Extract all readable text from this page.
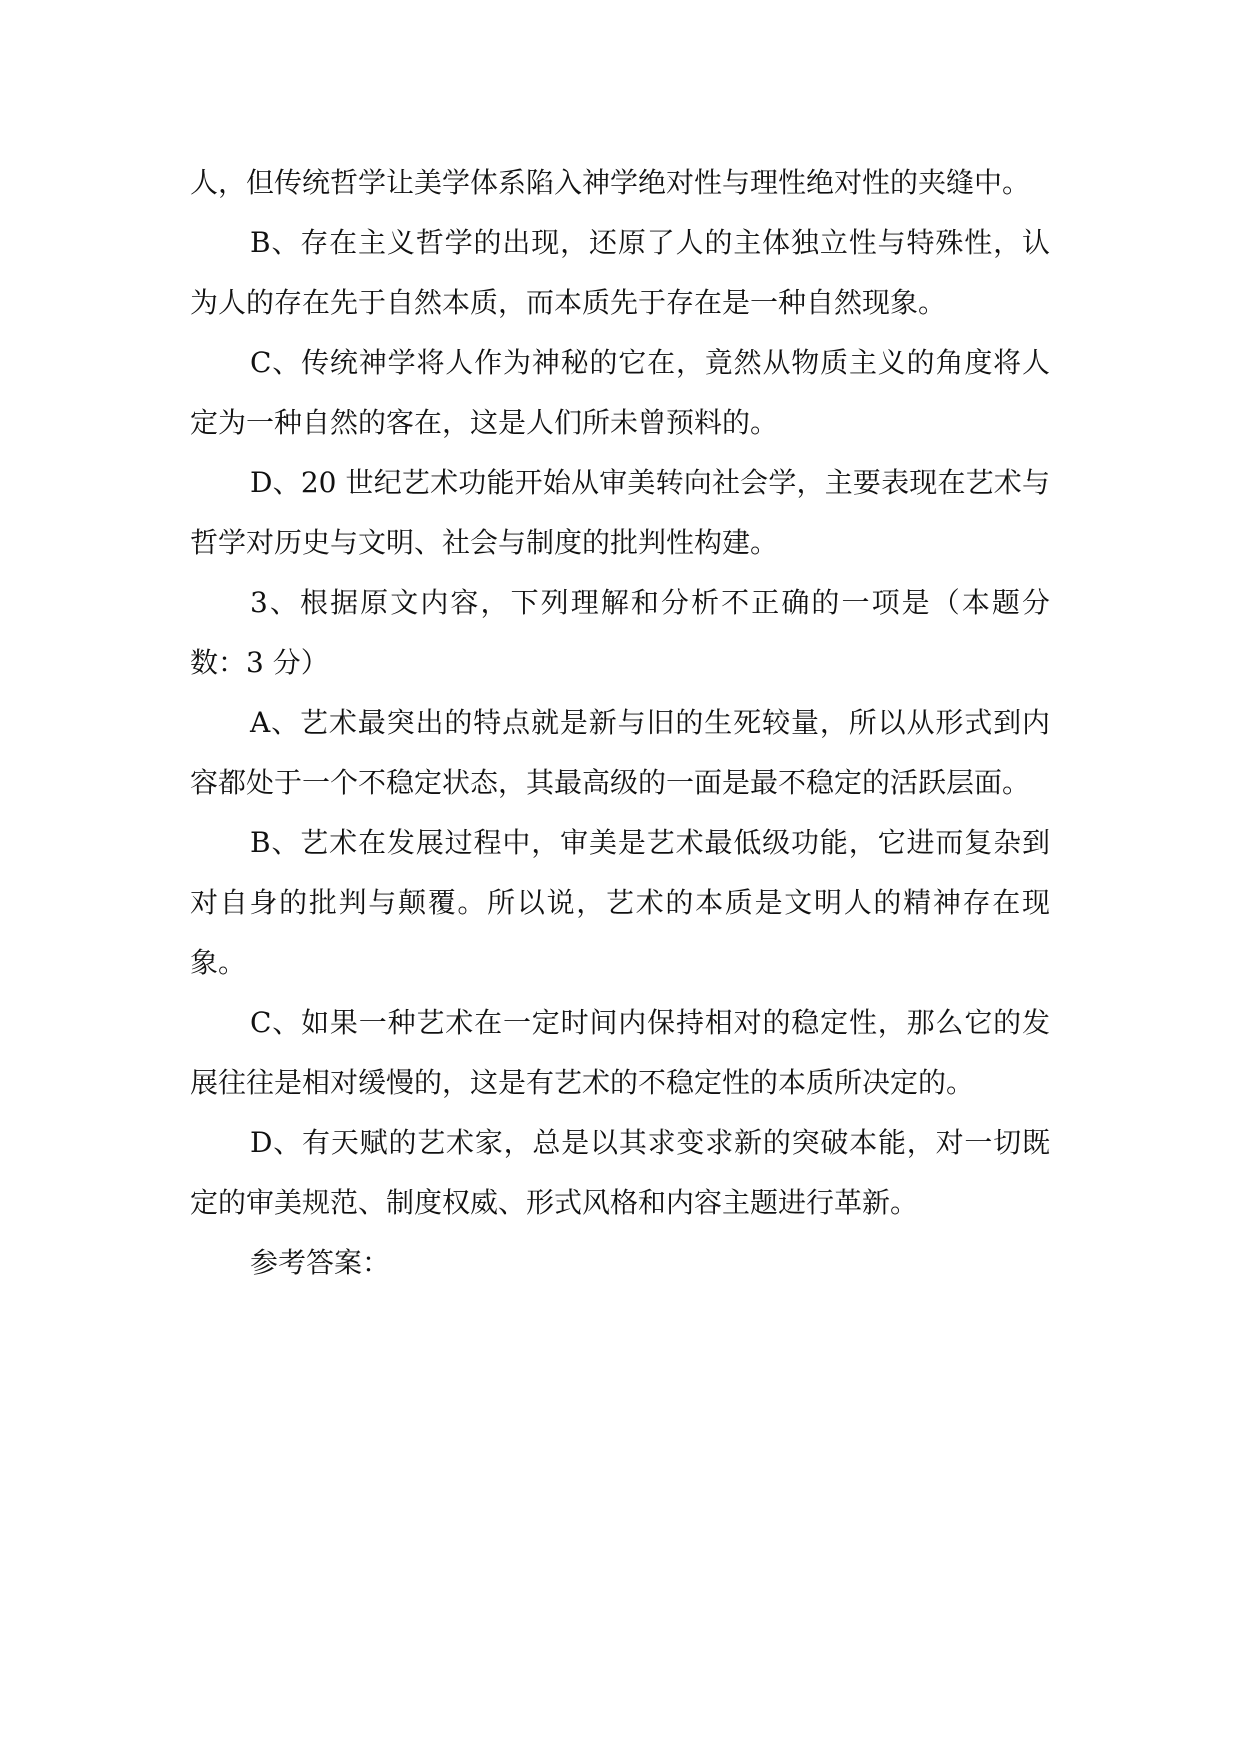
人，但传统哲学让美学体系陷入神学绝对性与理性绝对性的夹缝中。

B、存在主义哲学的出现，还原了人的主体独立性与特殊性，认为人的存在先于自然本质，而本质先于存在是一种自然现象。

C、传统神学将人作为神秘的它在，竟然从物质主义的角度将人定为一种自然的客在，这是人们所未曾预料的。

D、20 世纪艺术功能开始从审美转向社会学，主要表现在艺术与哲学对历史与文明、社会与制度的批判性构建。

3、根据原文内容，下列理解和分析不正确的一项是（本题分数：3 分）

A、艺术最突出的特点就是新与旧的生死较量，所以从形式到内容都处于一个不稳定状态，其最高级的一面是最不稳定的活跃层面。

B、艺术在发展过程中，审美是艺术最低级功能，它进而复杂到对自身的批判与颠覆。所以说，艺术的本质是文明人的精神存在现象。

C、如果一种艺术在一定时间内保持相对的稳定性，那么它的发展往往是相对缓慢的，这是有艺术的不稳定性的本质所决定的。

D、有天赋的艺术家，总是以其求变求新的突破本能，对一切既定的审美规范、制度权威、形式风格和内容主题进行革新。

参考答案：
